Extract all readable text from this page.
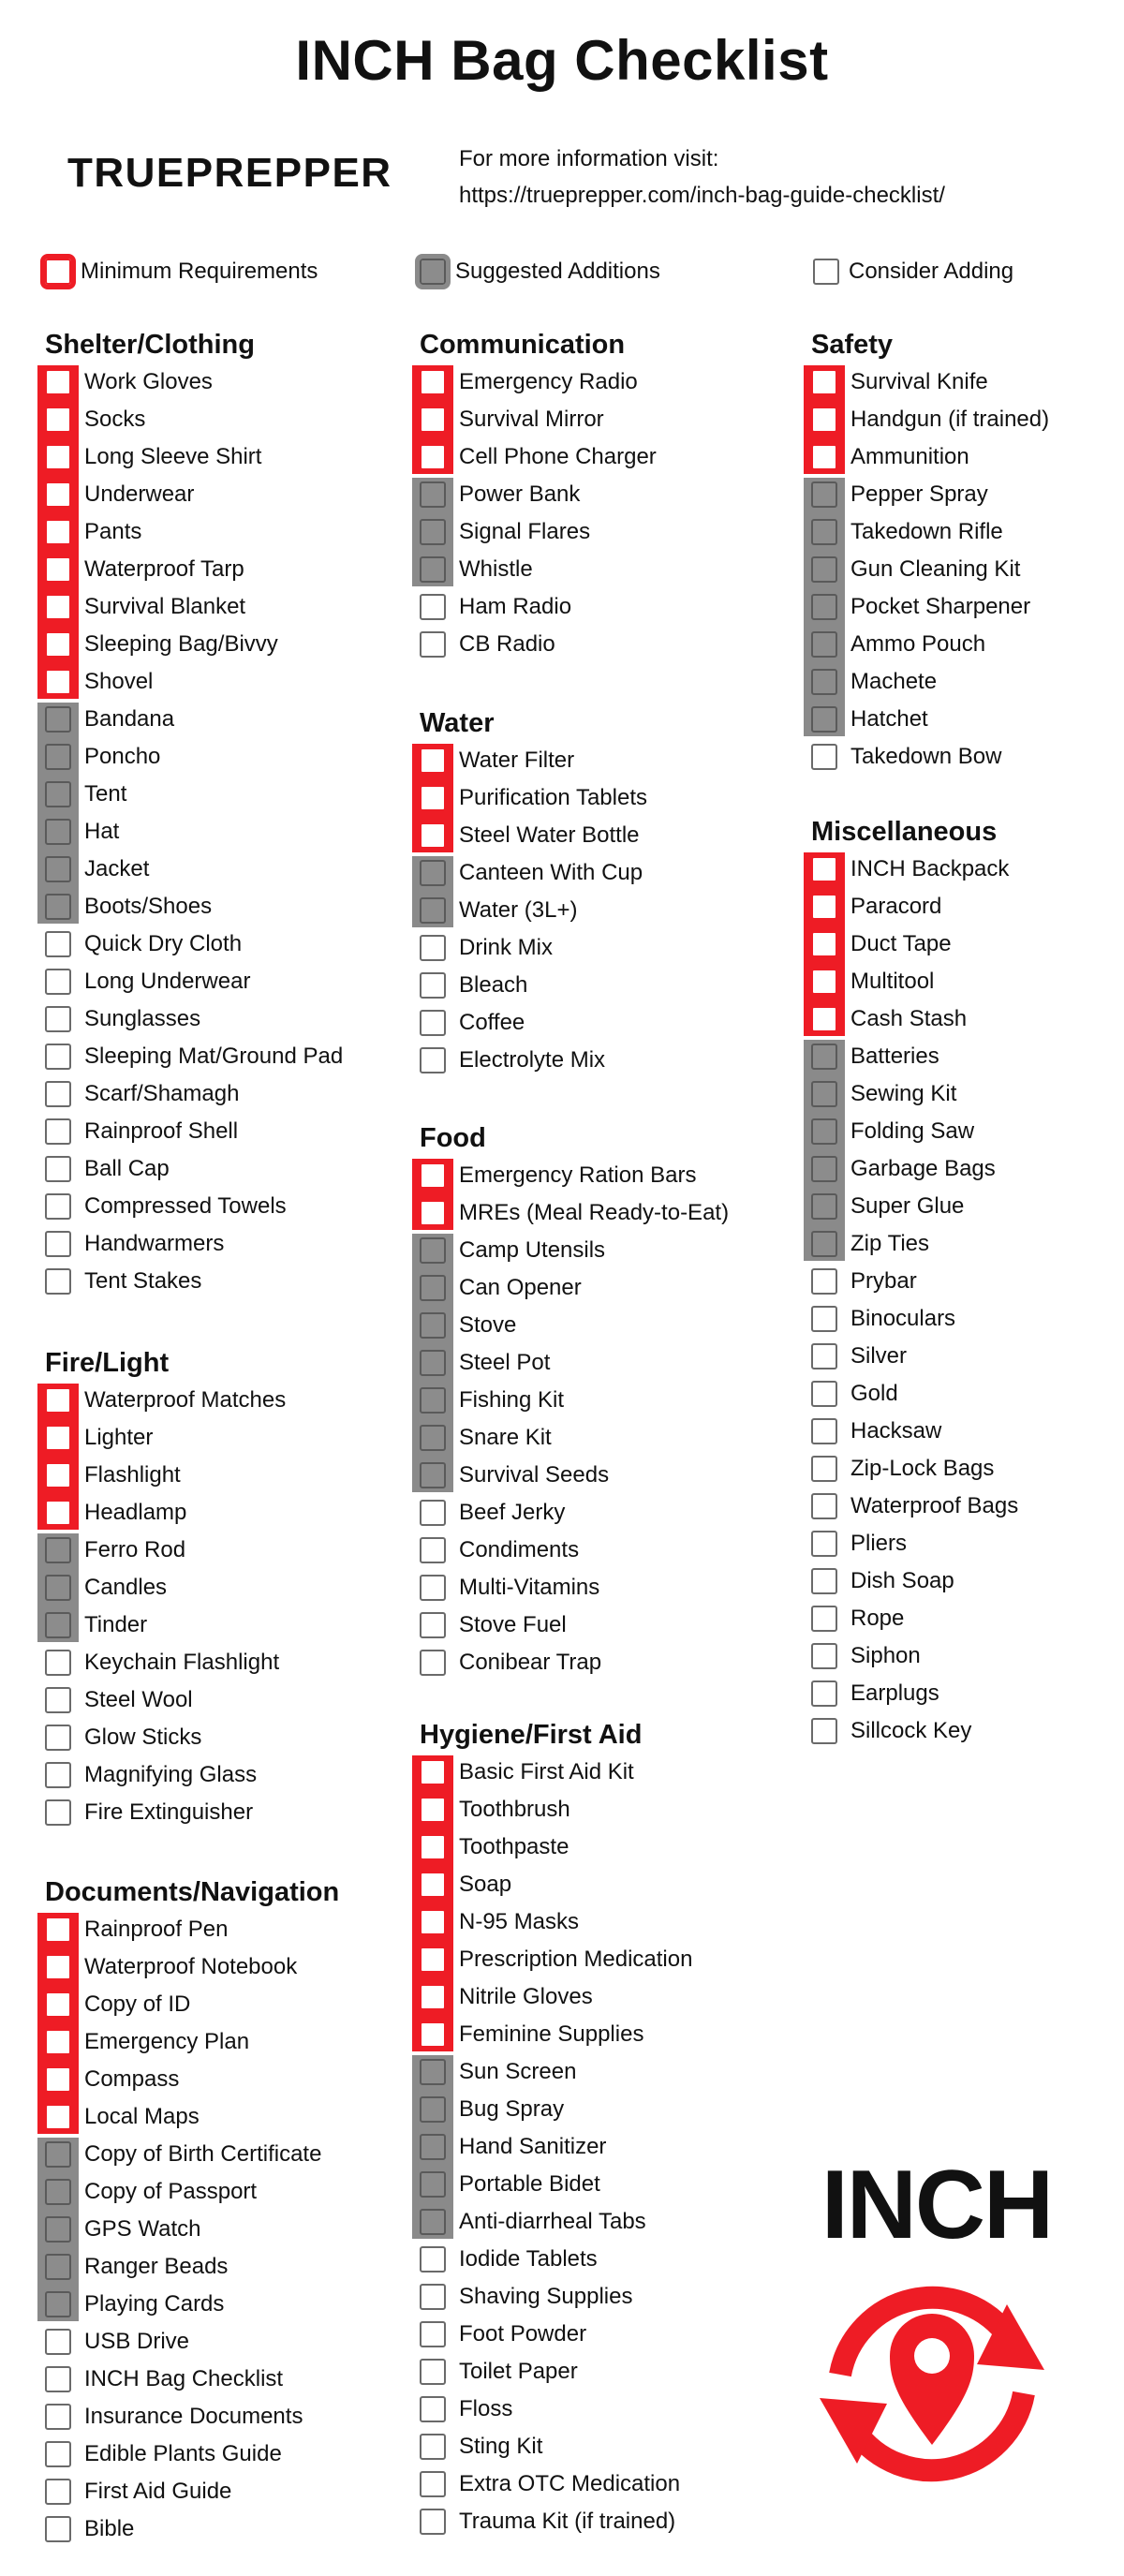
INCH Bag Checklist
TRUEPREPPER	For more information visit:
https://trueprepper.com/inch-bag-guide-checklist/
Minimum Requirements	Suggested Additions	Consider Adding
Shelter/Clothing
Work Gloves
Socks
Long Sleeve Shirt
Underwear
Pants
Waterproof Tarp
Survival Blanket
Sleeping Bag/Bivvy
Shovel
Bandana
Poncho
Tent
Hat
Jacket
Boots/Shoes
Quick Dry Cloth
Long Underwear
Sunglasses
Sleeping Mat/Ground Pad
Scarf/Shamagh
Rainproof Shell
Ball Cap
Compressed Towels
Handwarmers
Tent Stakes
Fire/Light
Waterproof Matches
Lighter
Flashlight
Headlamp
Ferro Rod
Candles
Tinder
Keychain Flashlight
Steel Wool
Glow Sticks
Magnifying Glass
Fire Extinguisher
Documents/Navigation
Rainproof Pen
Waterproof Notebook
Copy of ID
Emergency Plan
Compass
Local Maps
Copy of Birth Certificate
Copy of Passport
GPS Watch
Ranger Beads
Playing Cards
USB Drive
INCH Bag Checklist
Insurance Documents
Edible Plants Guide
First Aid Guide
Bible
Communication
Emergency Radio
Survival Mirror
Cell Phone Charger
Power Bank
Signal Flares
Whistle
Ham Radio
CB Radio
Water
Water Filter
Purification Tablets
Steel Water Bottle
Canteen With Cup
Water (3L+)
Drink Mix
Bleach
Coffee
Electrolyte Mix
Food
Emergency Ration Bars
MREs (Meal Ready-to-Eat)
Camp Utensils
Can Opener
Stove
Steel Pot
Fishing Kit
Snare Kit
Survival Seeds
Beef Jerky
Condiments
Multi-Vitamins
Stove Fuel
Conibear Trap
Hygiene/First Aid
Basic First Aid Kit
Toothbrush
Toothpaste
Soap
N-95 Masks
Prescription Medication
Nitrile Gloves
Feminine Supplies
Sun Screen
Bug Spray
Hand Sanitizer
Portable Bidet
Anti-diarrheal Tabs
Iodide Tablets
Shaving Supplies
Foot Powder
Toilet Paper
Floss
Sting Kit
Extra OTC Medication
Trauma Kit (if trained)
Safety
Survival Knife
Handgun (if trained)
Ammunition
Pepper Spray
Takedown Rifle
Gun Cleaning Kit
Pocket Sharpener
Ammo Pouch
Machete
Hatchet
Takedown Bow
Miscellaneous
INCH Backpack
Paracord
Duct Tape
Multitool
Cash Stash
Batteries
Sewing Kit
Folding Saw
Garbage Bags
Super Glue
Zip Ties
Prybar
Binoculars
Silver
Gold
Hacksaw
Zip-Lock Bags
Waterproof Bags
Pliers
Dish Soap
Rope
Siphon
Earplugs
Sillcock Key
INCH
